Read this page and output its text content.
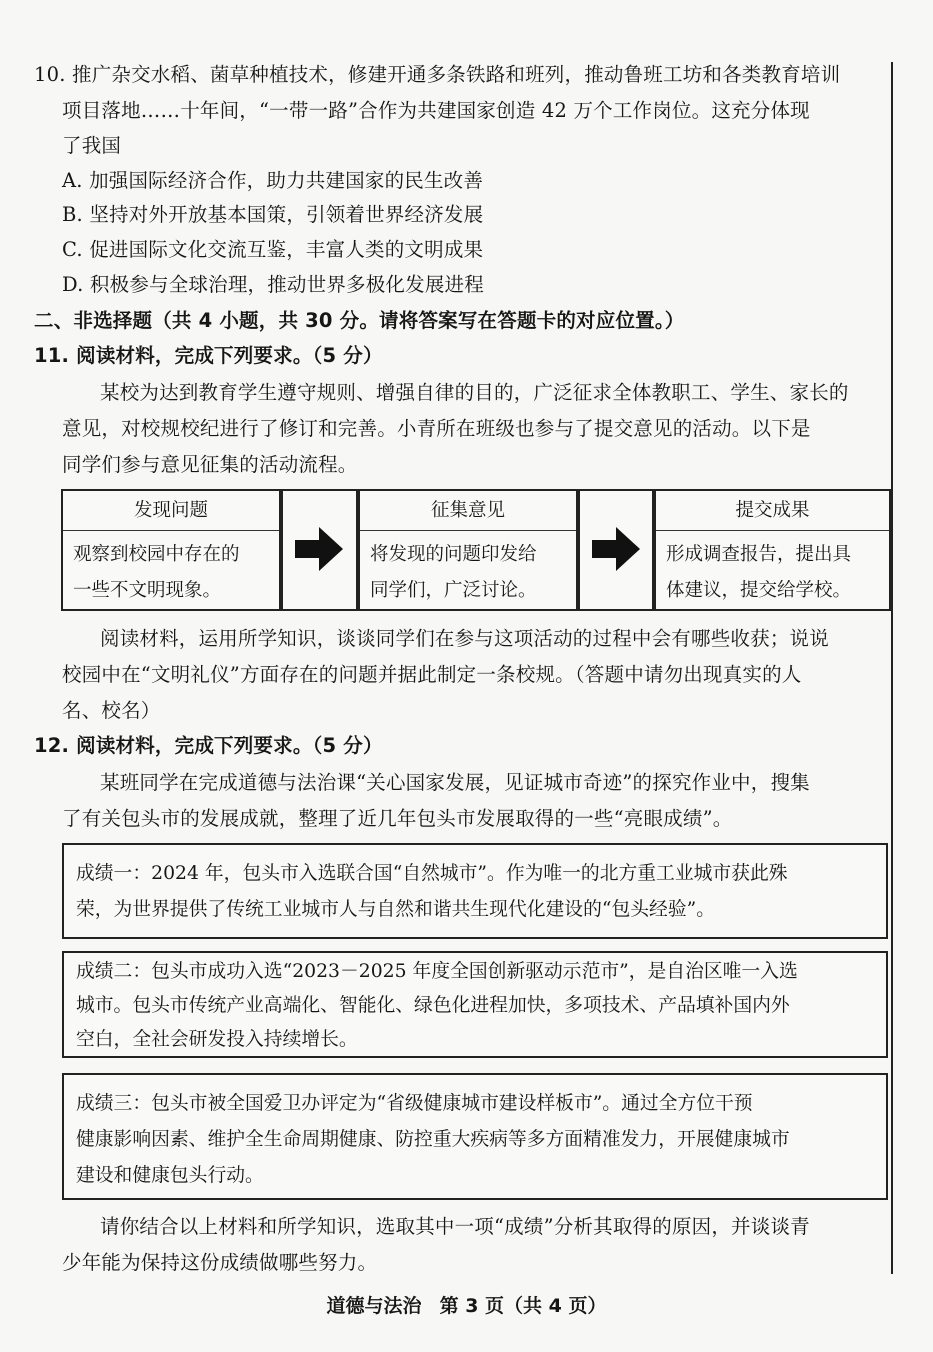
10. 推广杂交水稻、菌草种植技术，修建开通多条铁路和班列，推动鲁班工坊和各类教育培训
项目落地……十年间，“一带一路”合作为共建国家创造 42 万个工作岗位。这充分体现
了我国
A. 加强国际经济合作，助力共建国家的民生改善
B. 坚持对外开放基本国策，引领着世界经济发展
C. 促进国际文化交流互鉴，丰富人类的文明成果
D. 积极参与全球治理，推动世界多极化发展进程
二、非选择题（共 4 小题，共 30 分。请将答案写在答题卡的对应位置。）
11. 阅读材料，完成下列要求。（5 分）
某校为达到教育学生遵守规则、增强自律的目的，广泛征求全体教职工、学生、家长的
意见，对校规校纪进行了修订和完善。小青所在班级也参与了提交意见的活动。以下是
同学们参与意见征集的活动流程。
发现问题
观察到校园中存在的
一些不文明现象。
征集意见
将发现的问题印发给
同学们，广泛讨论。
提交成果
形成调查报告，提出具
体建议，提交给学校。
阅读材料，运用所学知识，谈谈同学们在参与这项活动的过程中会有哪些收获；说说
校园中在“文明礼仪”方面存在的问题并据此制定一条校规。（答题中请勿出现真实的人
名、校名）
12. 阅读材料，完成下列要求。（5 分）
某班同学在完成道德与法治课“关心国家发展，见证城市奇迹”的探究作业中，搜集
了有关包头市的发展成就，整理了近几年包头市发展取得的一些“亮眼成绩”。
成绩一：2024 年，包头市入选联合国“自然城市”。作为唯一的北方重工业城市获此殊
荣，为世界提供了传统工业城市人与自然和谐共生现代化建设的“包头经验”。
成绩二：包头市成功入选“2023－2025 年度全国创新驱动示范市”，是自治区唯一入选
城市。包头市传统产业高端化、智能化、绿色化进程加快，多项技术、产品填补国内外
空白，全社会研发投入持续增长。
成绩三：包头市被全国爱卫办评定为“省级健康城市建设样板市”。通过全方位干预
健康影响因素、维护全生命周期健康、防控重大疾病等多方面精准发力，开展健康城市
建设和健康包头行动。
请你结合以上材料和所学知识，选取其中一项“成绩”分析其取得的原因，并谈谈青
少年能为保持这份成绩做哪些努力。
道德与法治 第 3 页（共 4 页）
